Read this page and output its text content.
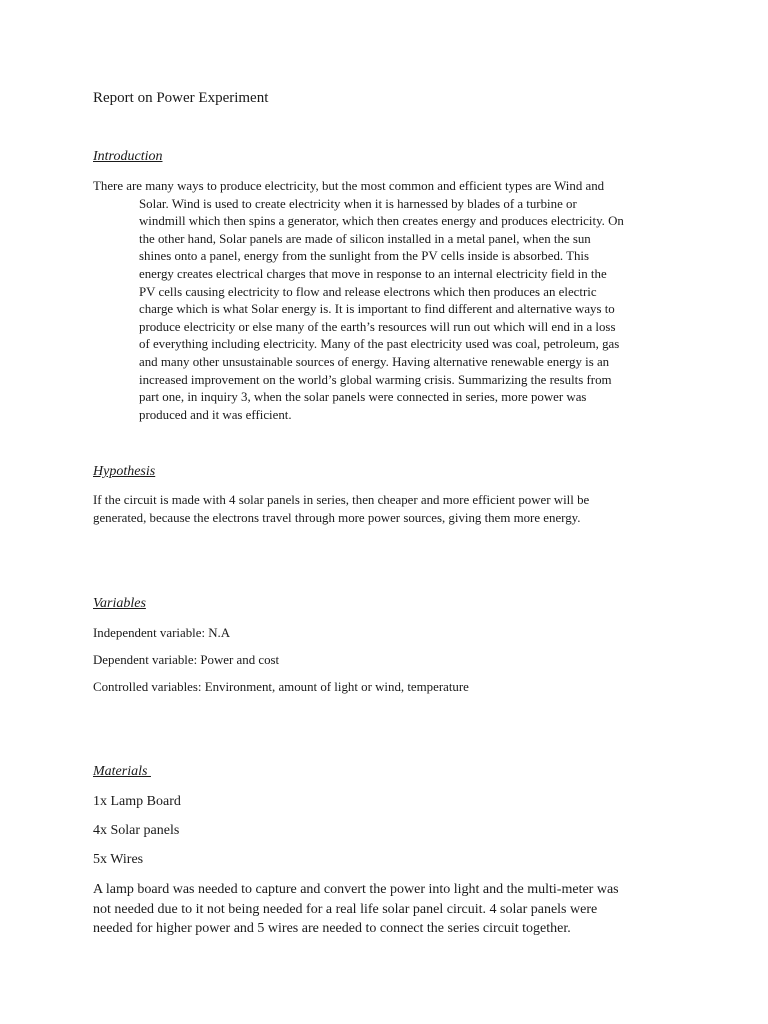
Report on Power Experiment
Introduction
There are many ways to produce electricity, but the most common and efficient types are Wind and
Solar. Wind is used to create electricity when it is harnessed by blades of a turbine or
windmill which then spins a generator, which then creates energy and produces electricity. On
the other hand, Solar panels are made of silicon installed in a metal panel, when the sun
shines onto a panel, energy from the sunlight from the PV cells inside is absorbed. This
energy creates electrical charges that move in response to an internal electricity field in the
PV cells causing electricity to flow and release electrons which then produces an electric
charge which is what Solar energy is. It is important to find different and alternative ways to
produce electricity or else many of the earth’s resources will run out which will end in a loss
of everything including electricity. Many of the past electricity used was coal, petroleum, gas
and many other unsustainable sources of energy. Having alternative renewable energy is an
increased improvement on the world’s global warming crisis. Summarizing the results from
part one, in inquiry 3, when the solar panels were connected in series, more power was
produced and it was efficient.
Hypothesis
If the circuit is made with 4 solar panels in series, then cheaper and more efficient power will be
generated, because the electrons travel through more power sources, giving them more energy.
Variables
Independent variable: N.A
Dependent variable: Power and cost
Controlled variables: Environment, amount of light or wind, temperature
Materials
1x Lamp Board
4x Solar panels
5x Wires
A lamp board was needed to capture and convert the power into light and the multi-meter was
not needed due to it not being needed for a real life solar panel circuit. 4 solar panels were
needed for higher power and 5 wires are needed to connect the series circuit together.
